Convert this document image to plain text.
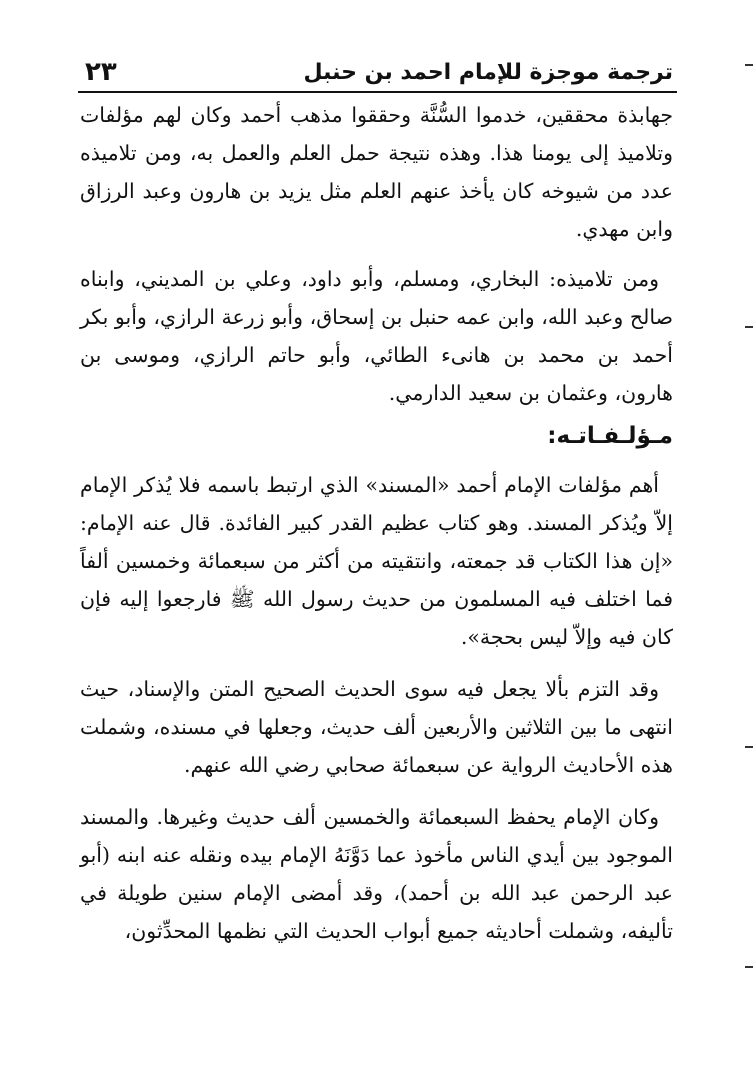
ترجمة موجزة للإمام احمد بن حنبل
٢٣

جهابذة محققين، خدموا السُّنَّة وحققوا مذهب أحمد وكان لهم مؤلفات وتلاميذ إلى يومنا هذا. وهذه نتيجة حمل العلم والعمل به، ومن تلاميذه عدد من شيوخه كان يأخذ عنهم العلم مثل يزيد بن هارون وعبد الرزاق وابن مهدي.

ومن تلاميذه: البخاري، ومسلم، وأبو داود، وعلي بن المديني، وابناه صالح وعبد الله، وابن عمه حنبل بن إسحاق، وأبو زرعة الرازي، وأبو بكر أحمد بن محمد بن هانىء الطائي، وأبو حاتم الرازي، وموسى بن هارون، وعثمان بن سعيد الدارمي.

مـؤلـفـاتـه:

أهم مؤلفات الإمام أحمد «المسند» الذي ارتبط باسمه فلا يُذكر الإمام إلاّ ويُذكر المسند. وهو كتاب عظيم القدر كبير الفائدة. قال عنه الإمام: «إن هذا الكتاب قد جمعته، وانتقيته من أكثر من سبعمائة وخمسين ألفاً فما اختلف فيه المسلمون من حديث رسول الله ﷺ فارجعوا إليه فإن كان فيه وإلاّ ليس بحجة».

وقد التزم بألا يجعل فيه سوى الحديث الصحيح المتن والإسناد، حيث انتهى ما بين الثلاثين والأربعين ألف حديث، وجعلها في مسنده، وشملت هذه الأحاديث الرواية عن سبعمائة صحابي رضي الله عنهم.

وكان الإمام يحفظ السبعمائة والخمسين ألف حديث وغيرها. والمسند الموجود بين أيدي الناس مأخوذ عما دَوَّنَهُ الإمام بيده ونقله عنه ابنه (أبو عبد الرحمن عبد الله بن أحمد)، وقد أمضى الإمام سنين طويلة في تأليفه، وشملت أحاديثه جميع أبواب الحديث التي نظمها المحدِّثون،
